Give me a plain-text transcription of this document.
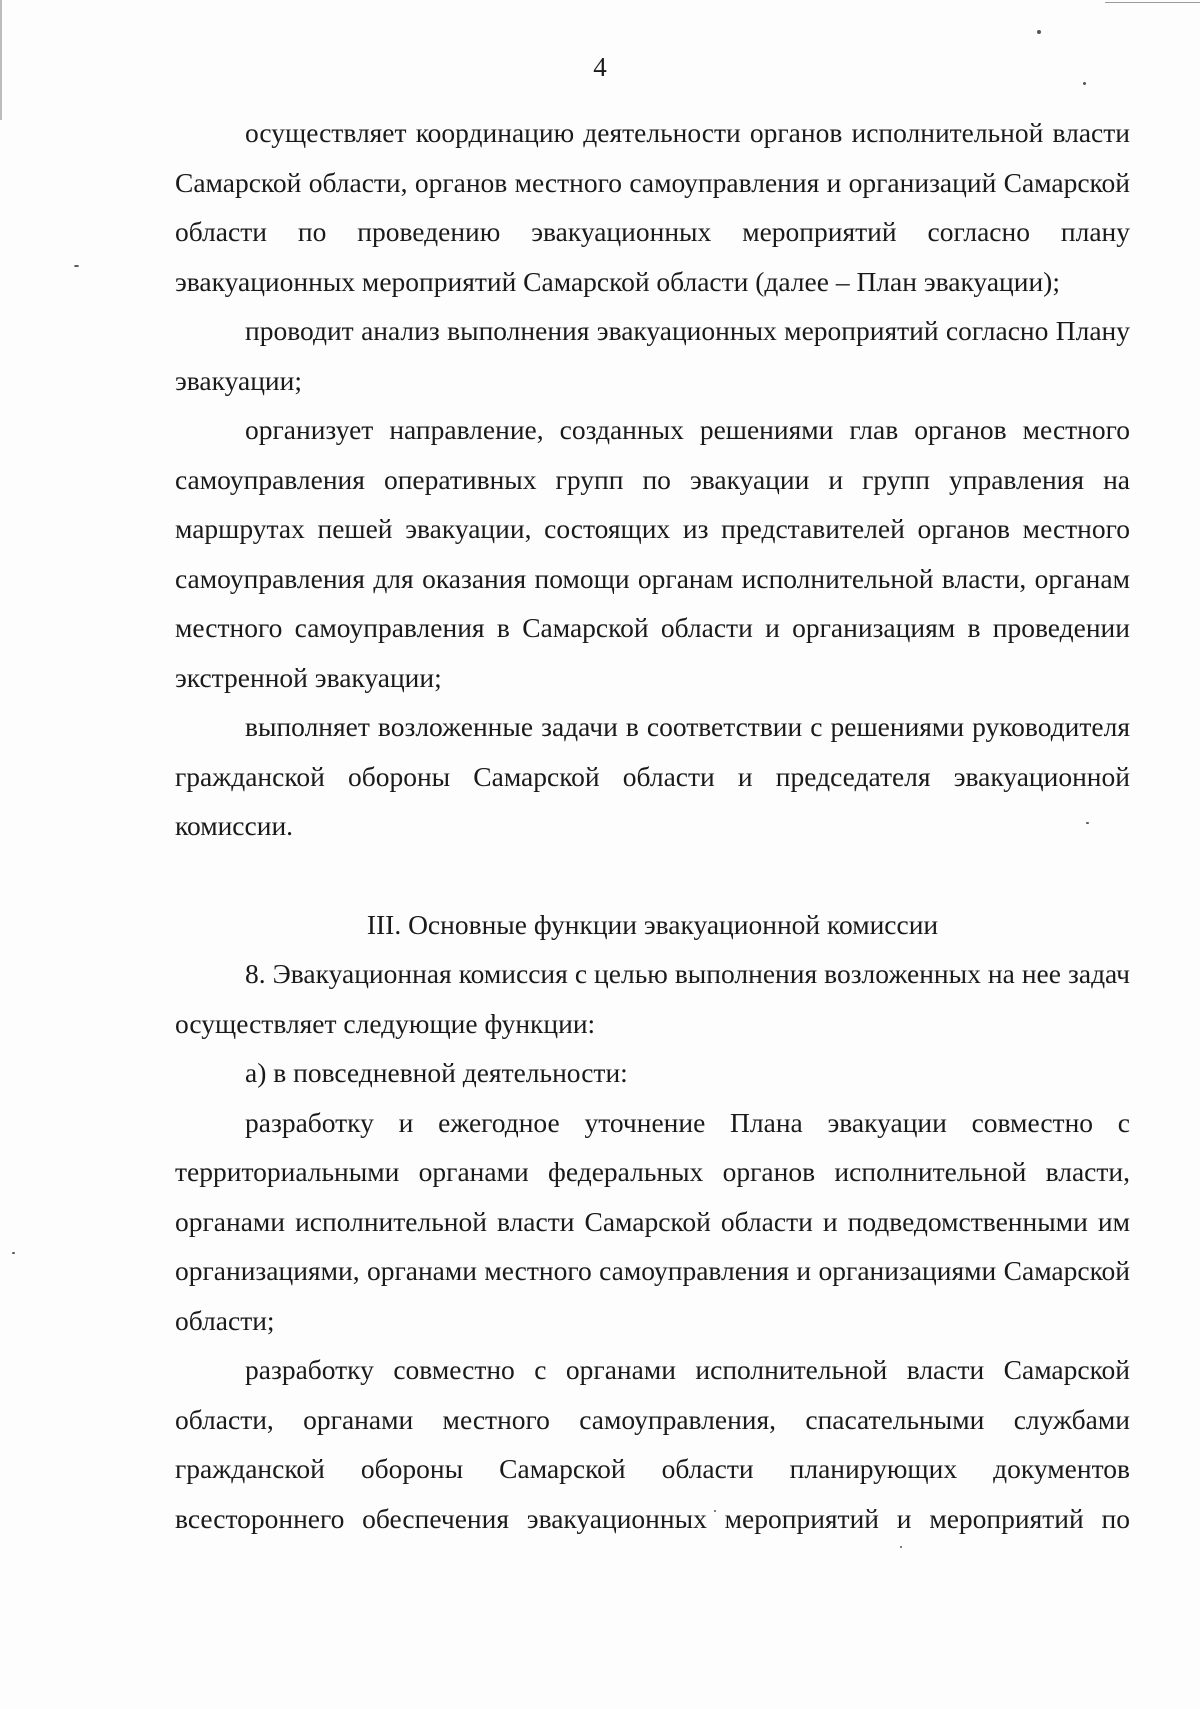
4

осуществляет координацию деятельности органов исполнительной власти Самарской области, органов местного самоуправления и организаций Самарской области по проведению эвакуационных мероприятий согласно плану эвакуационных мероприятий Самарской области (далее – План эвакуации);

проводит анализ выполнения эвакуационных мероприятий согласно Плану эвакуации;

организует направление, созданных решениями глав органов местного самоуправления оперативных групп по эвакуации и групп управления на маршрутах пешей эвакуации, состоящих из представителей органов местного самоуправления для оказания помощи органам исполнительной власти, органам местного самоуправления в Самарской области и организациям в проведении экстренной эвакуации;

выполняет возложенные задачи в соответствии с решениями руководителя гражданской обороны Самарской области и председателя эвакуационной комиссии.

III. Основные функции эвакуационной комиссии

8. Эвакуационная комиссия с целью выполнения возложенных на нее задач осуществляет следующие функции:

а) в повседневной деятельности:

разработку и ежегодное уточнение Плана эвакуации совместно с территориальными органами федеральных органов исполнительной власти, органами исполнительной власти Самарской области и подведомственными им организациями, органами местного самоуправления и организациями Самарской области;

разработку совместно с органами исполнительной власти Самарской области, органами местного самоуправления, спасательными службами гражданской обороны Самарской области планирующих документов всестороннего обеспечения эвакуационных мероприятий и мероприятий по
